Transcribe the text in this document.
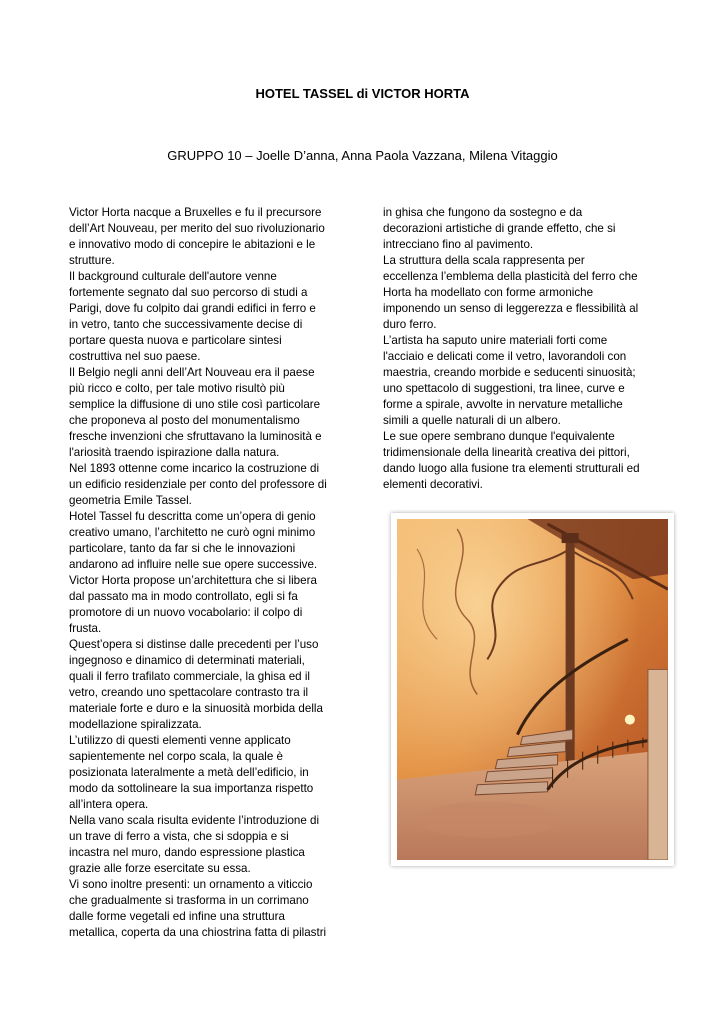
HOTEL TASSEL di VICTOR HORTA
GRUPPO 10 – Joelle D’anna, Anna Paola Vazzana, Milena Vitaggio
Victor Horta nacque a Bruxelles e fu il precursore
dell’Art Nouveau, per merito del suo rivoluzionario
e innovativo modo di concepire le abitazioni e le
strutture.
Il background culturale dell'autore venne
fortemente segnato dal suo percorso di studi a
Parigi, dove fu colpito dai grandi edifici in ferro e
in vetro, tanto che successivamente decise di
portare questa nuova e particolare sintesi
costruttiva nel suo paese.
Il Belgio negli anni dell’Art Nouveau era il paese
più ricco e colto, per tale motivo risultò più
semplice la diffusione di uno stile così particolare
che proponeva al posto del monumentalismo
fresche invenzioni che sfruttavano la luminosità e
l'ariosità traendo ispirazione dalla natura.
Nel 1893 ottenne come incarico la costruzione di
un edificio residenziale per conto del professore di
geometria Emile Tassel.
Hotel Tassel fu descritta come un’opera di genio
creativo umano, l’architetto ne curò ogni minimo
particolare, tanto da far si che le innovazioni
andarono ad influire nelle sue opere successive.
Victor Horta propose un’architettura che si libera
dal passato ma in modo controllato, egli si fa
promotore di un nuovo vocabolario: il colpo di
frusta.
Quest’opera si distinse dalle precedenti per l’uso
ingegnoso e dinamico di determinati materiali,
quali il ferro trafilato commerciale, la ghisa ed il
vetro, creando uno spettacolare contrasto tra il
materiale forte e duro e la sinuosità morbida della
modellazione spiralizzata.
L’utilizzo di questi elementi venne applicato
sapientemente nel corpo scala, la quale è
posizionata lateralmente a metà dell’edificio, in
modo da sottolineare la sua importanza rispetto
all’intera opera.
Nella vano scala risulta evidente l’introduzione di
un trave di ferro a vista, che si sdoppia e si
incastra nel muro, dando espressione plastica
grazie alle forze esercitate su essa.
Vi sono inoltre presenti: un ornamento a viticcio
che gradualmente si trasforma in un corrimano
dalle forme vegetali ed infine una struttura
metallica, coperta da una chiostrina fatta di pilastri
in ghisa che fungono da sostegno e da
decorazioni artistiche di grande effetto, che si
intrecciano fino al pavimento.
La struttura della scala rappresenta per
eccellenza l’emblema della plasticità del ferro che
Horta ha modellato con forme armoniche
imponendo un senso di leggerezza e flessibilità al
duro ferro.
L’artista ha saputo unire materiali forti come
l'acciaio e delicati come il vetro, lavorandoli con
maestria, creando morbide e seducenti sinuosità;
uno spettacolo di suggestioni, tra linee, curve e
forme a spirale, avvolte in nervature metalliche
simili a quelle naturali di un albero.
Le sue opere sembrano dunque l'equivalente
tridimensionale della linearità creativa dei pittori,
dando luogo alla fusione tra elementi strutturali ed
elementi decorativi.
